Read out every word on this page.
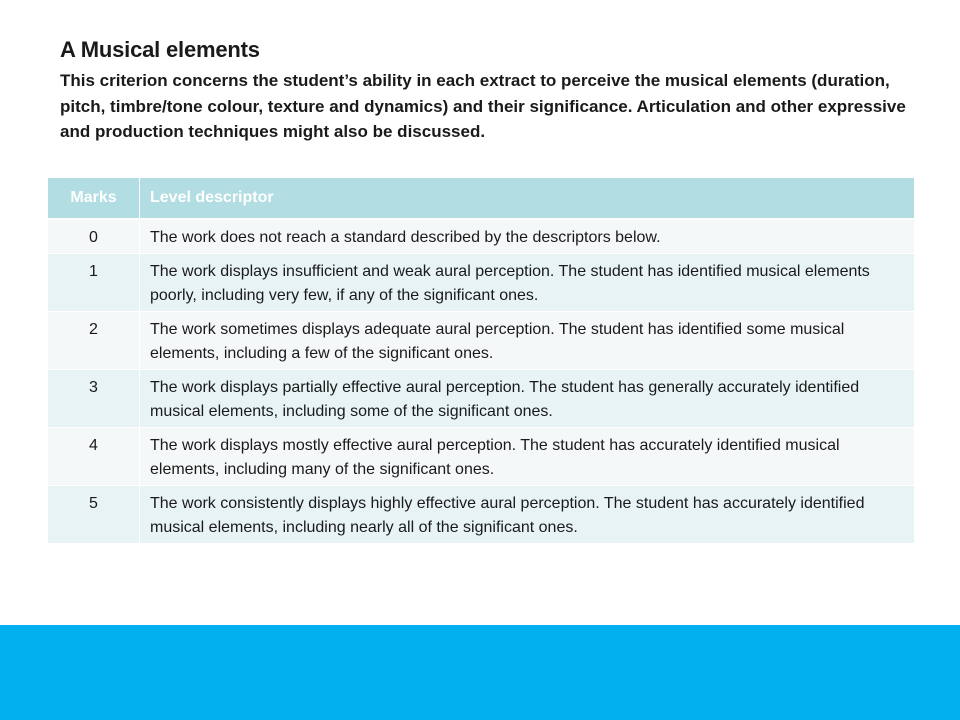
A Musical elements

This criterion concerns the student’s ability in each extract to perceive the musical elements (duration, pitch, timbre/tone colour, texture and dynamics) and their significance. Articulation and other expressive and production techniques might also be discussed.

Marks	Level descriptor
0	The work does not reach a standard described by the descriptors below.
1	The work displays insufficient and weak aural perception. The student has identified musical elements poorly, including very few, if any of the significant ones.
2	The work sometimes displays adequate aural perception. The student has identified some musical elements, including a few of the significant ones.
3	The work displays partially effective aural perception. The student has generally accurately identified musical elements, including some of the significant ones.
4	The work displays mostly effective aural perception. The student has accurately identified musical elements, including many of the significant ones.
5	The work consistently displays highly effective aural perception. The student has accurately identified musical elements, including nearly all of the significant ones.
